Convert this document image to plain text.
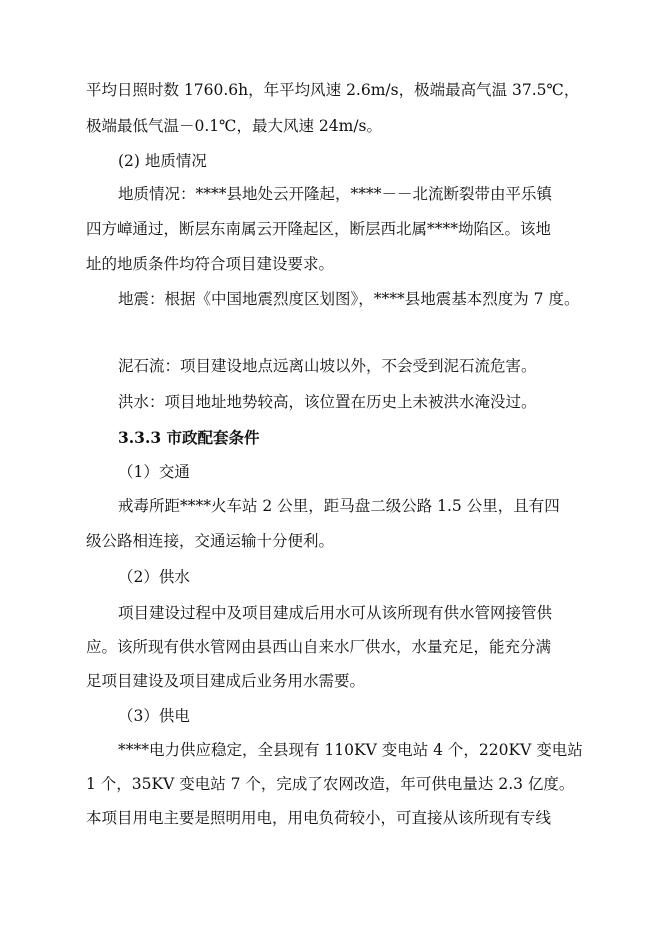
平均日照时数 1760.6h，年平均风速 2.6m/s，极端最高气温 37.5℃，

极端最低气温－0.1℃，最大风速 24m/s。

(2) 地质情况

地质情况：****县地处云开隆起，****－－北流断裂带由平乐镇

四方嶂通过，断层东南属云开隆起区，断层西北属****坳陷区。该地

址的地质条件均符合项目建设要求。

地震：根据《中国地震烈度区划图》，****县地震基本烈度为 7 度。

泥石流：项目建设地点远离山坡以外，不会受到泥石流危害。

洪水：项目地址地势较高，该位置在历史上未被洪水淹没过。

3.3.3 市政配套条件

（1）交通

戒毒所距****火车站 2 公里，距马盘二级公路 1.5 公里，且有四

级公路相连接，交通运输十分便利。

（2）供水

项目建设过程中及项目建成后用水可从该所现有供水管网接管供

应。该所现有供水管网由县西山自来水厂供水，水量充足，能充分满

足项目建设及项目建成后业务用水需要。

（3）供电

****电力供应稳定，全县现有 110KV 变电站 4 个，220KV 变电站

1 个，35KV 变电站 7 个，完成了农网改造，年可供电量达 2.3 亿度。

本项目用电主要是照明用电，用电负荷较小，可直接从该所现有专线
